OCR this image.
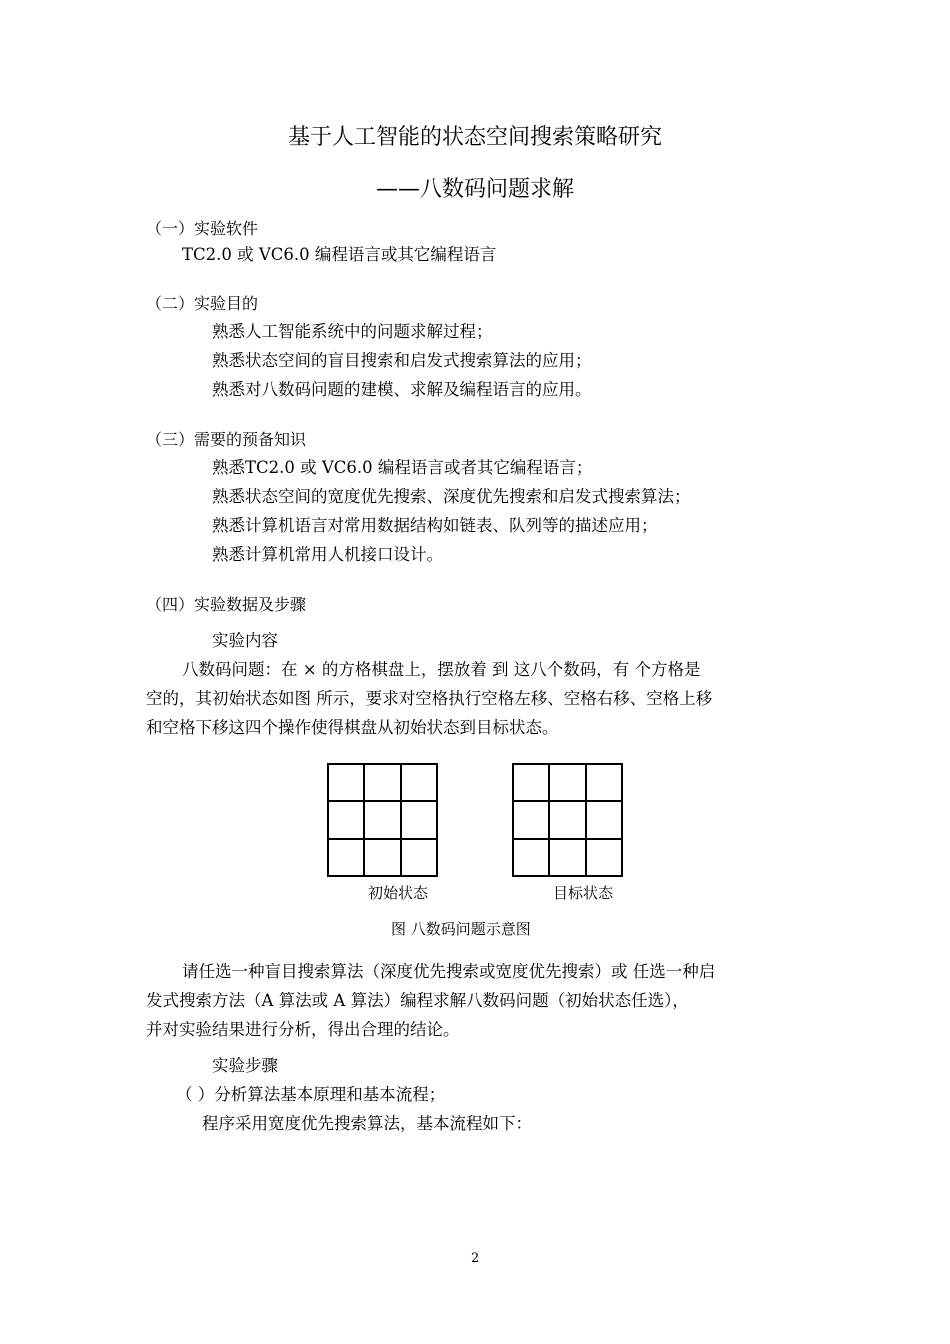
基于人工智能的状态空间搜索策略研究
——八数码问题求解
（一）实验软件
TC2.0 或 VC6.0 编程语言或其它编程语言
（二）实验目的
熟悉人工智能系统中的问题求解过程；
熟悉状态空间的盲目搜索和启发式搜索算法的应用；
熟悉对八数码问题的建模、求解及编程语言的应用。
（三）需要的预备知识
熟悉TC2.0 或 VC6.0 编程语言或者其它编程语言；
熟悉状态空间的宽度优先搜索、深度优先搜索和启发式搜索算法；
熟悉计算机语言对常用数据结构如链表、队列等的描述应用；
熟悉计算机常用人机接口设计。
（四）实验数据及步骤
实验内容
八数码问题：在 × 的方格棋盘上，摆放着 到 这八个数码，有 个方格是
空的，其初始状态如图 所示，要求对空格执行空格左移、空格右移、空格上移
和空格下移这四个操作使得棋盘从初始状态到目标状态。
初始状态	目标状态
图 八数码问题示意图
请任选一种盲目搜索算法（深度优先搜索或宽度优先搜索）或 任选一种启
发式搜索方法（A 算法或 A 算法）编程求解八数码问题（初始状态任选），
并对实验结果进行分析，得出合理的结论。
实验步骤
（ ）分析算法基本原理和基本流程；
程序采用宽度优先搜索算法，基本流程如下：
2
